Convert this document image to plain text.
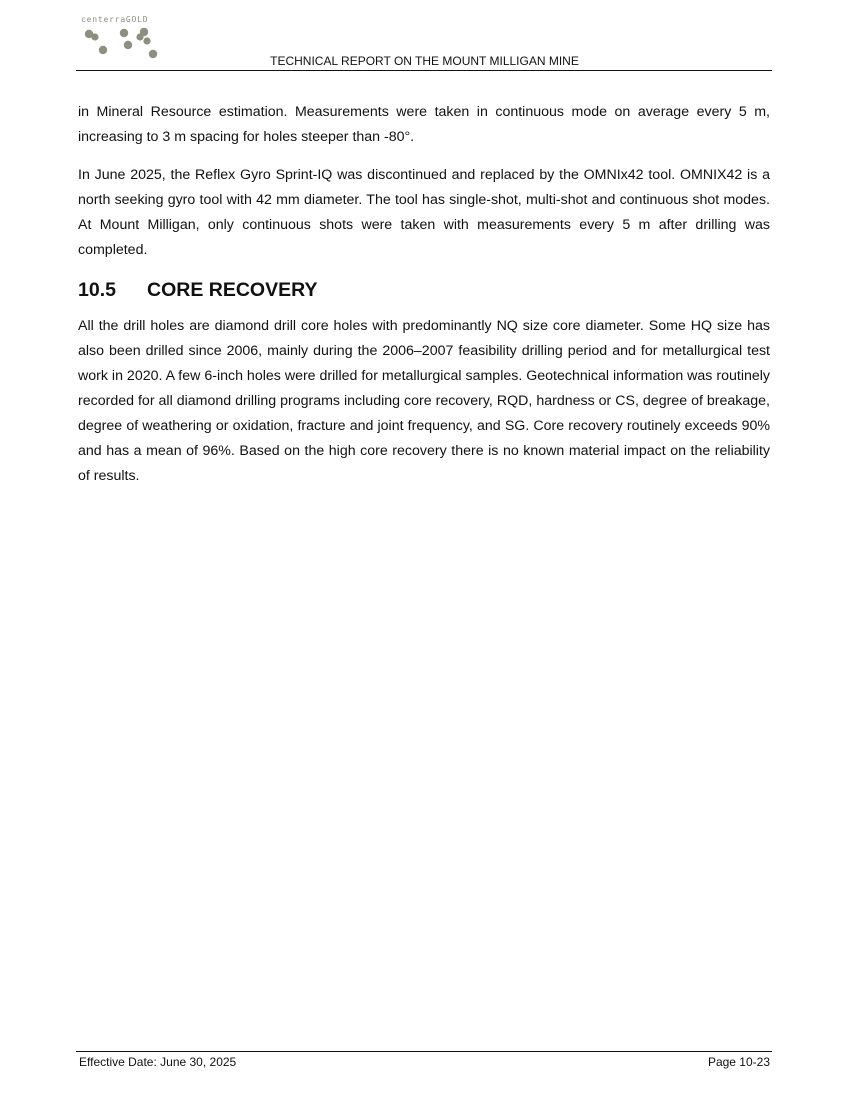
centerraGOLD
TECHNICAL REPORT ON THE MOUNT MILLIGAN MINE

in Mineral Resource estimation. Measurements were taken in continuous mode on average every 5 m, increasing to 3 m spacing for holes steeper than -80°.

In June 2025, the Reflex Gyro Sprint-IQ was discontinued and replaced by the OMNIx42 tool. OMNIX42 is a north seeking gyro tool with 42 mm diameter. The tool has single-shot, multi-shot and continuous shot modes. At Mount Milligan, only continuous shots were taken with measurements every 5 m after drilling was completed.

10.5	CORE RECOVERY

All the drill holes are diamond drill core holes with predominantly NQ size core diameter. Some HQ size has also been drilled since 2006, mainly during the 2006–2007 feasibility drilling period and for metallurgical test work in 2020. A few 6-inch holes were drilled for metallurgical samples. Geotechnical information was routinely recorded for all diamond drilling programs including core recovery, RQD, hardness or CS, degree of breakage, degree of weathering or oxidation, fracture and joint frequency, and SG. Core recovery routinely exceeds 90% and has a mean of 96%. Based on the high core recovery there is no known material impact on the reliability of results.

Effective Date: June 30, 2025	Page 10-23
